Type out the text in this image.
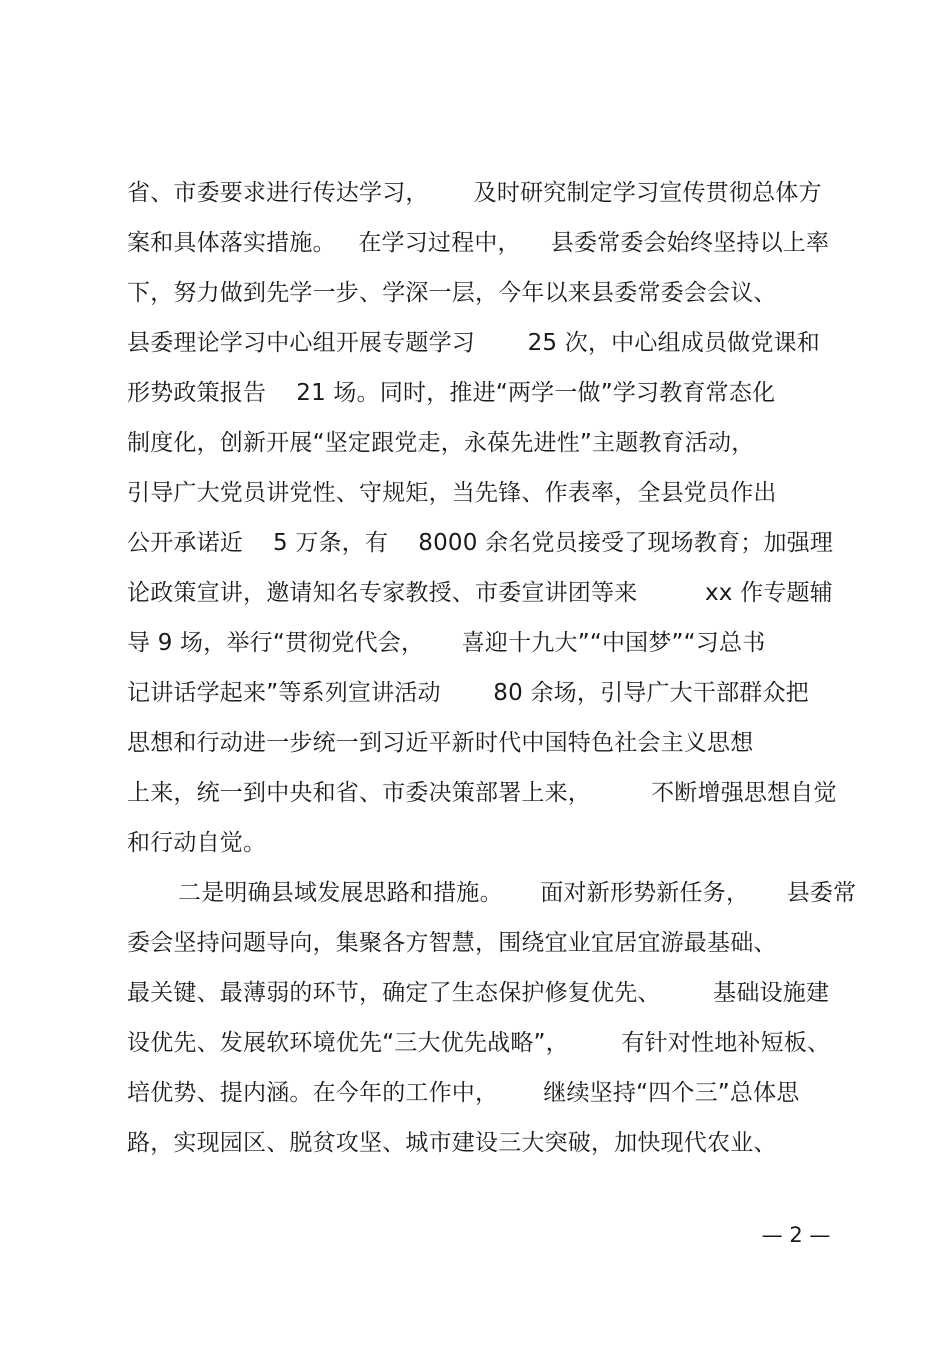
省、市委要求进行传达学习，      及时研究制定学习宣传贯彻总体方
案和具体落实措施。   在学习过程中，    县委常委会始终坚持以上率
下，努力做到先学一步、学深一层，今年以来县委常委会会议、
县委理论学习中心组开展专题学习       25 次，中心组成员做党课和
形势政策报告    21 场。同时，推进“两学一做”学习教育常态化
制度化，创新开展“坚定跟党走，永葆先进性”主题教育活动，
引导广大党员讲党性、守规矩，当先锋、作表率，全县党员作出
公开承诺近    5 万条，有    8000 余名党员接受了现场教育；加强理
论政策宣讲，邀请知名专家教授、市委宣讲团等来         xx 作专题辅
导 9 场，举行“贯彻党代会，     喜迎十九大”“中国梦”“习总书
记讲话学起来”等系列宣讲活动       80 余场，引导广大干部群众把
思想和行动进一步统一到习近平新时代中国特色社会主义思想
上来，统一到中央和省、市委决策部署上来，        不断增强思想自觉
和行动自觉。
二是明确县域发展思路和措施。     面对新形势新任务，     县委常
委会坚持问题导向，集聚各方智慧，围绕宜业宜居宜游最基础、
最关键、最薄弱的环节，确定了生态保护修复优先、       基础设施建
设优先、发展软环境优先“三大优先战略”，       有针对性地补短板、
培优势、提内涵。在今年的工作中，      继续坚持“四个三”总体思
路，实现园区、脱贫攻坚、城市建设三大突破，加快现代农业、
— 2 —
